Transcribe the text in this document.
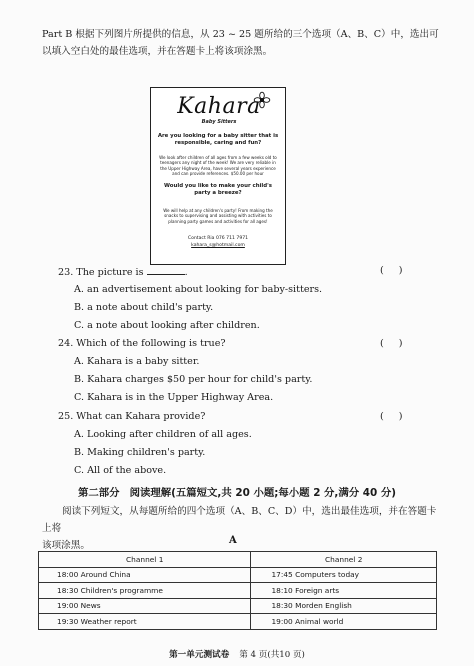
Part B 根据下列图片所提供的信息，从 23 ~ 25 题所给的三个选项（A、B、C）中，选出可

以填入空白处的最佳选项，并在答题卡上将该项涂黑。

Kahara
Baby Sitters
Are you looking for a baby sitter that is responsible, caring and fun?
We look after children of all ages from a few weeks old to teenagers any night of the week! We are very reliable in the Upper Highway Area, have several years experience and can provide references. $50.00 per hour
Would you like to make your child's party a breeze?
We will help at any children's party! From making the snacks to supervising and assisting with activities to planning party games and activities for all ages!
Contact Ria 076 711 7971
kahara_s@hotmail.com
23. The picture is	.	( )
A. an advertisement about looking for baby-sitters.
B. a note about child's party.
C. a note about looking after children.
24. Which of the following is true?	( )
A. Kahara is a baby sitter.
B. Kahara charges $50 per hour for child's party.
C. Kahara is in the Upper Highway Area.
25. What can Kahara provide?	( )
A. Looking after children of all ages.
B. Making children's party.
C. All of the above.
第二部分 阅读理解(五篇短文,共 20 小题;每小题 2 分,满分 40 分)

阅读下列短文，从每题所给的四个选项（A、B、C、D）中，选出最佳选项，并在答题卡上将

该项涂黑。	A
Channel 1	Channel 2
18:00 Around China	17:45 Computers today
18:30 Children's programme	18:10 Foreign arts
19:00 News	18:30 Morden English
19:30 Weather report	19:00 Animal world
第一单元测试卷 第 4 页(共10 页)
